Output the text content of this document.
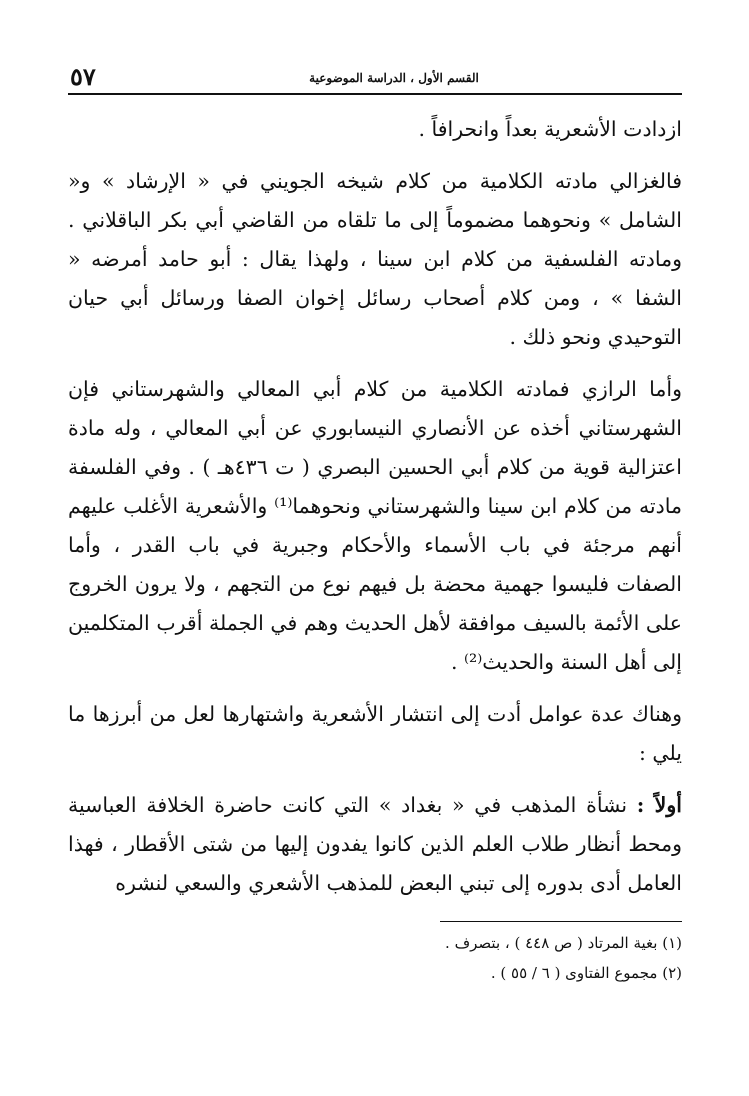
٥٧	القسم الأول ، الدراسة الموضوعية

ازدادت الأشعرية بعداً وانحرافاً .

فالغزالي مادته الكلامية من كلام شيخه الجويني في « الإرشاد » و« الشامل » ونحوهما مضموماً إلى ما تلقاه من القاضي أبي بكر الباقلاني . ومادته الفلسفية من كلام ابن سينا ، ولهذا يقال : أبو حامد أمرضه « الشفا » ، ومن كلام أصحاب رسائل إخوان الصفا ورسائل أبي حيان التوحيدي ونحو ذلك .

وأما الرازي فمادته الكلامية من كلام أبي المعالي والشهرستاني فإن الشهرستاني أخذه عن الأنصاري النيسابوري عن أبي المعالي ، وله مادة اعتزالية قوية من كلام أبي الحسين البصري ( ت ٤٣٦هـ ) . وفي الفلسفة مادته من كلام ابن سينا والشهرستاني ونحوهما⁽¹⁾ والأشعرية الأغلب عليهم أنهم مرجئة في باب الأسماء والأحكام وجبرية في باب القدر ، وأما الصفات فليسوا جهمية محضة بل فيهم نوع من التجهم ، ولا يرون الخروج على الأئمة بالسيف موافقة لأهل الحديث وهم في الجملة أقرب المتكلمين إلى أهل السنة والحديث⁽²⁾ .

وهناك عدة عوامل أدت إلى انتشار الأشعرية واشتهارها لعل من أبرزها ما يلي :

أولاً : نشأة المذهب في « بغداد » التي كانت حاضرة الخلافة العباسية ومحط أنظار طلاب العلم الذين كانوا يفدون إليها من شتى الأقطار ، فهذا العامل أدى بدوره إلى تبني البعض للمذهب الأشعري والسعي لنشره

(١) بغية المرتاد ( ص ٤٤٨ ) ، بتصرف .

(٢) مجموع الفتاوى ( ٦ / ٥٥ ) .
